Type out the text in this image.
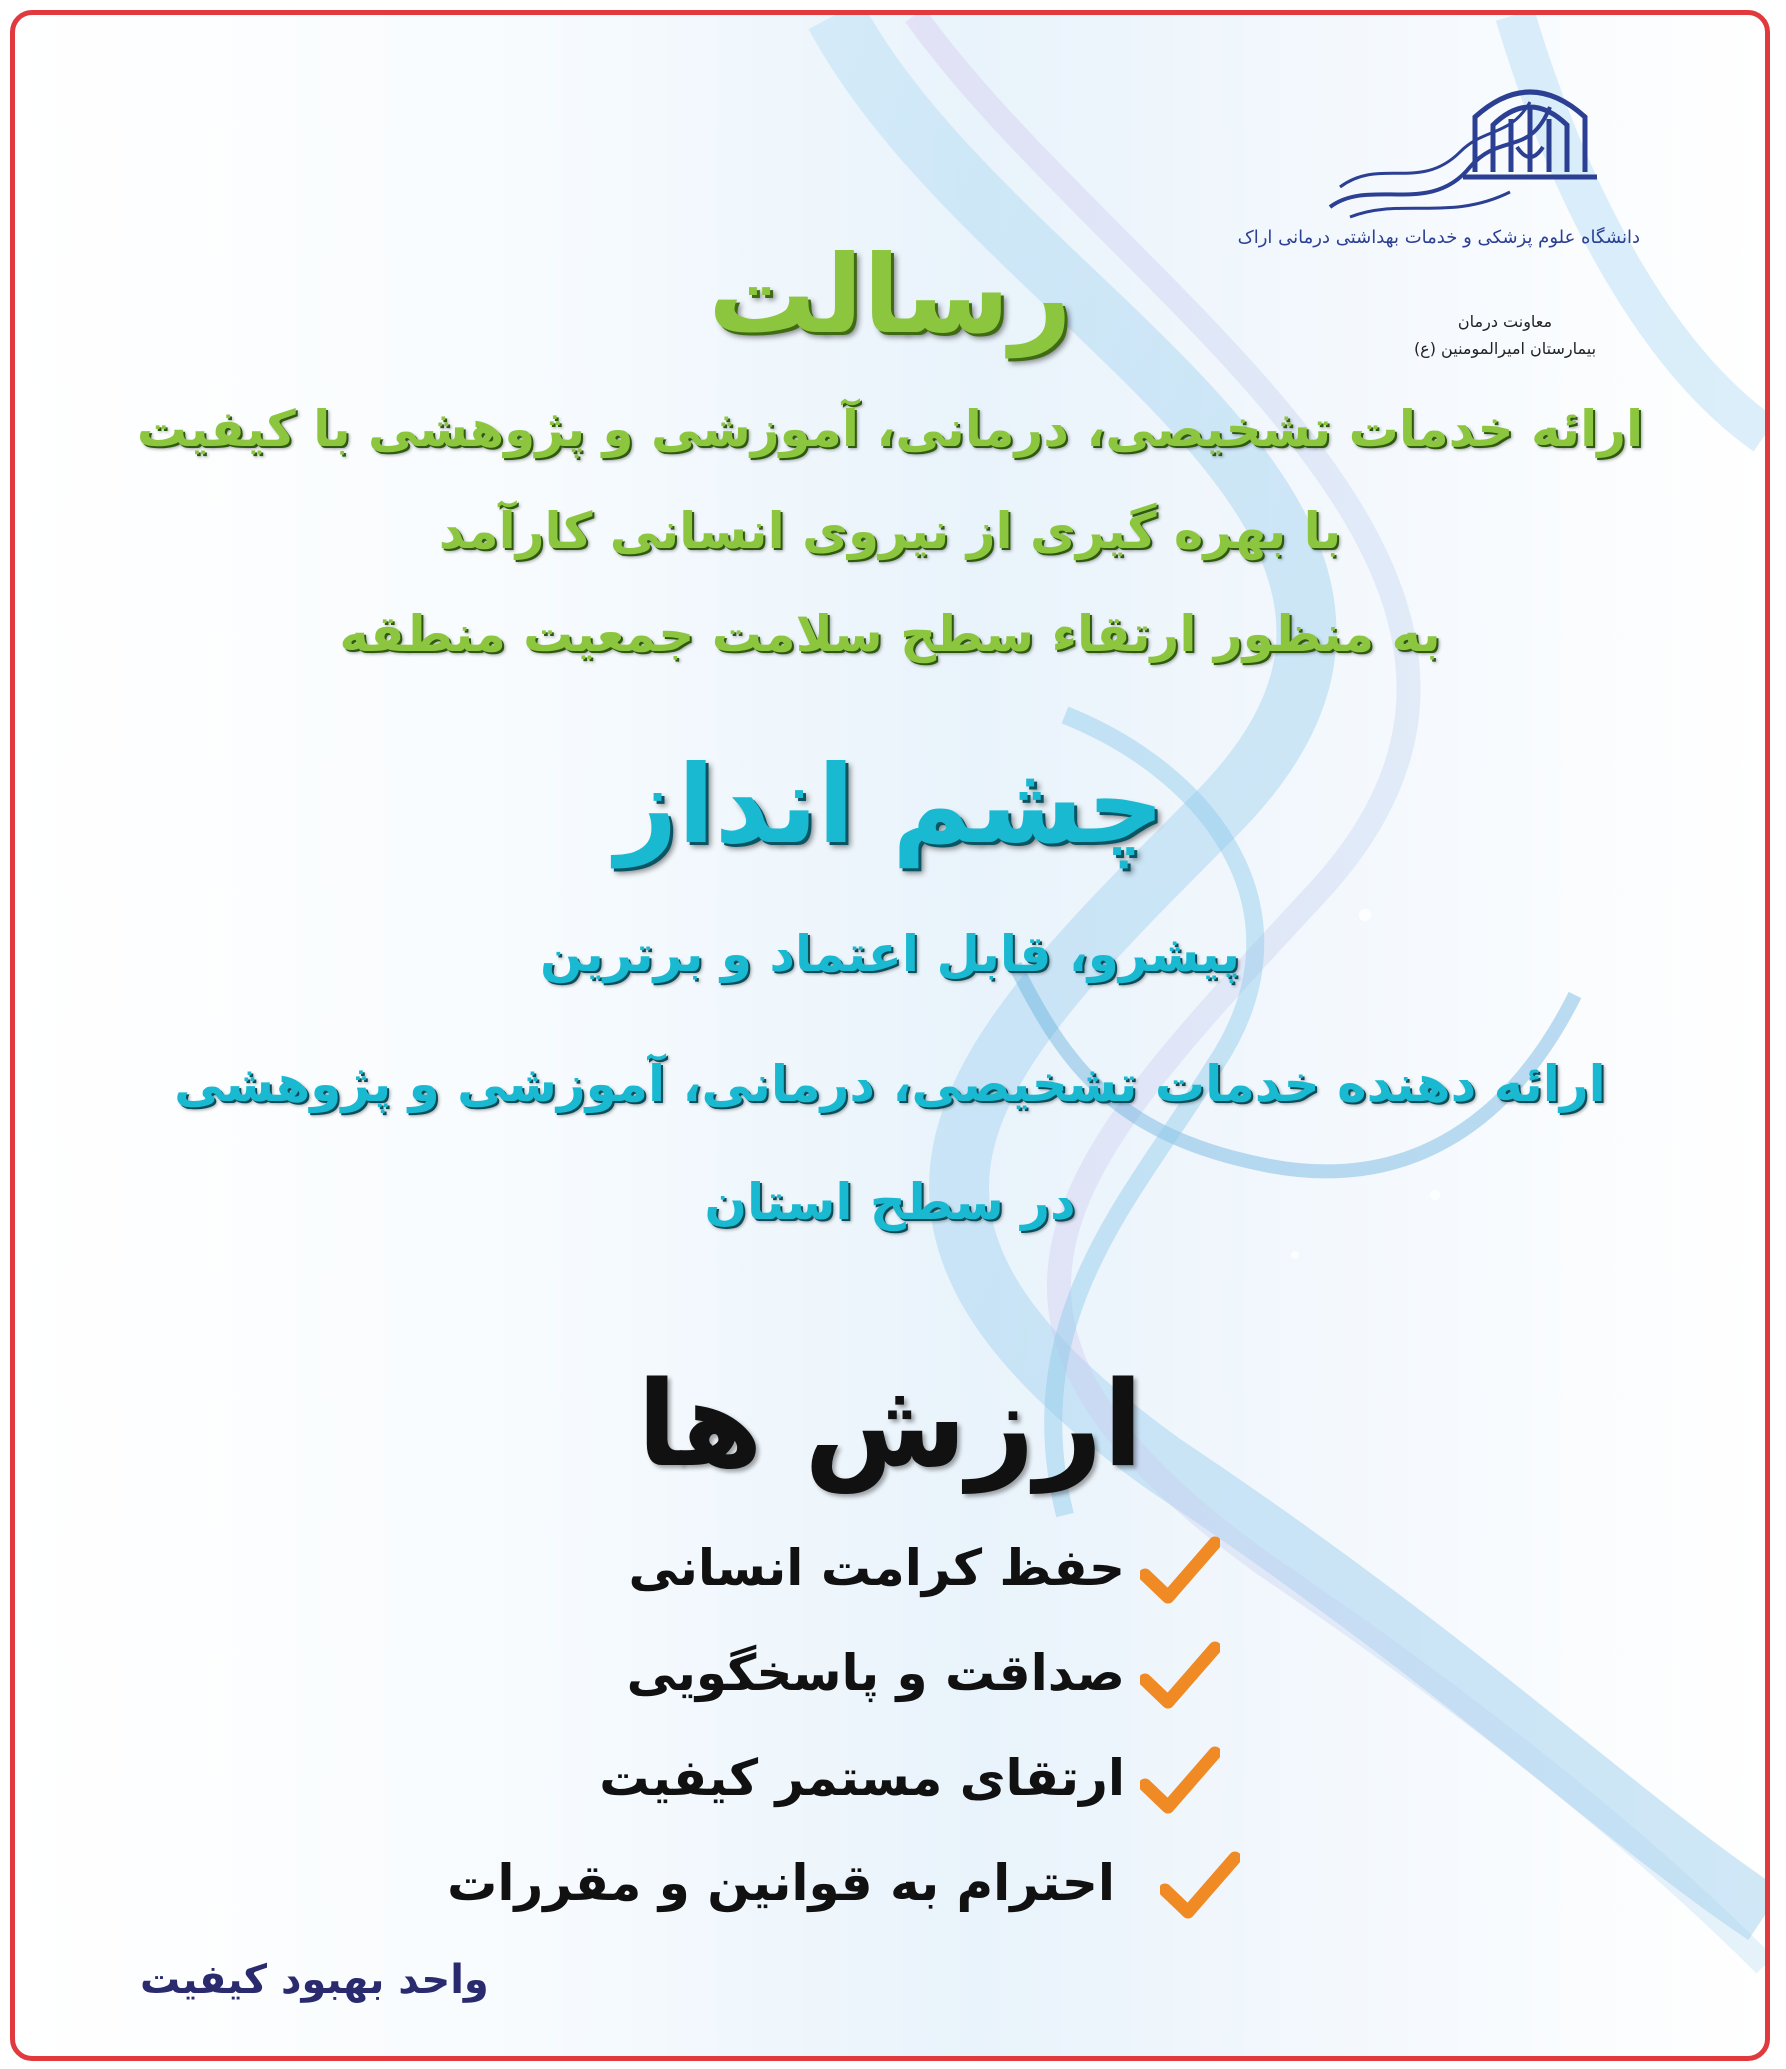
دانشگاه علوم پزشکی و خدمات بهداشتی درمانی اراک
معاونت درمان
بیمارستان امیرالمومنین (ع)
رسالت
ارائه خدمات تشخیصی، درمانی، آموزشی و پژوهشی با کیفیت
با بهره گیری از نیروی انسانی کارآمد
به منظور ارتقاء سطح سلامت جمعیت منطقه
چشم انداز
پیشرو، قابل اعتماد و برترین
ارائه دهنده خدمات تشخیصی، درمانی، آموزشی و پژوهشی
در سطح استان
ارزش ها
حفظ کرامت انسانی
صداقت و پاسخگویی
ارتقای مستمر کیفیت
احترام به قوانین و مقررات
واحد بهبود کیفیت
